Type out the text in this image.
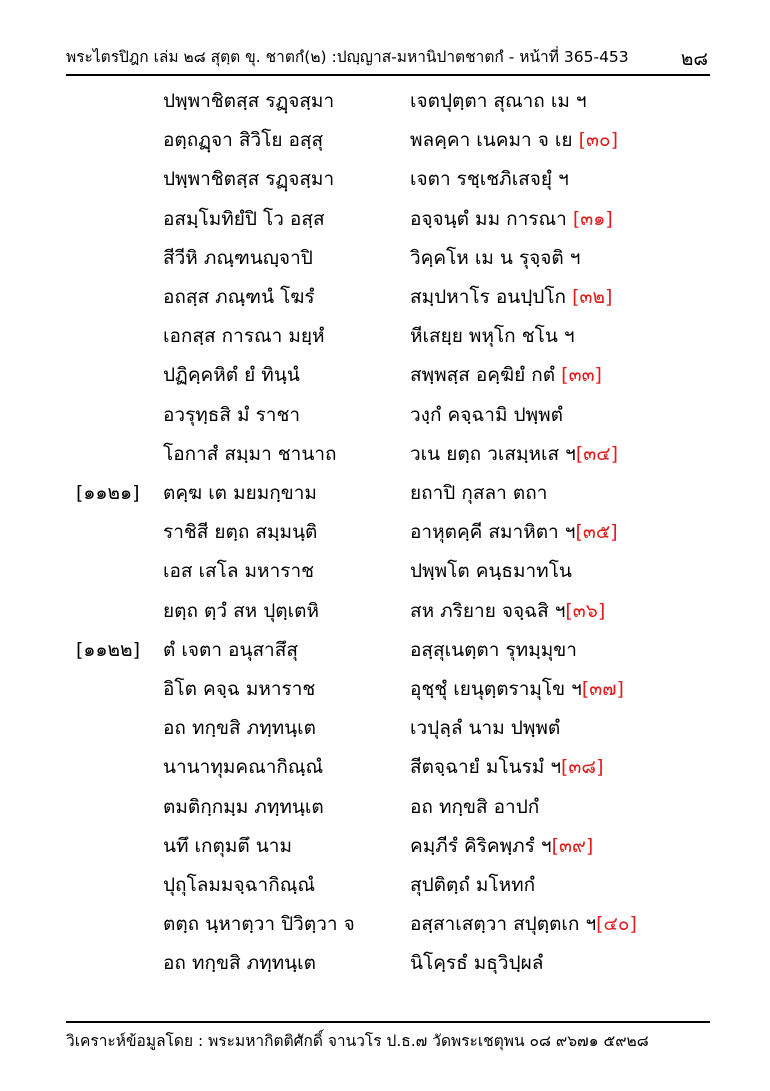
พระไตรปิฎก เล่ม ๒๘ สุตฺต ขุ. ชาตกํ(๒) :ปญฺญาส-มหานิปาตชาตกํ - หน้าที่ 365-453	๒๘
ปพฺพาชิตสฺส รฏฺจสฺมา	เจตปุตฺตา สุณาถ เม ฯ
อตฺถฏฺจา สิวิโย อสฺสุ	พลคฺคา เนคมา จ เย [๓๐]
ปพฺพาชิตสฺส รฏฺจสฺมา	เจตา รชฺเชภิเสจยุํ ฯ
อสมฺโมทิยํปิ โว อสฺส	อจฺจนฺตํ มม การณา [๓๑]
สีวีหิ ภณฺฑนญฺจาปิ	วิคฺคโห เม น รุจฺจติ ฯ
อถสฺส ภณฺฑนํ โฆรํ	สมฺปหาโร อนปฺปโก [๓๒]
เอกสฺส การณา มยฺหํ	หีเสยฺย พหุโก ชโน ฯ
ปฏิคฺคหิตํ ยํ ทินฺนํ	สพฺพสฺส อคฺฆิยํ กตํ [๓๓]
อวรุทฺธสิ มํ ราชา	วงฺกํ คจฺฉามิ ปพฺพตํ
โอกาสํ สมฺมา ชานาถ	วเน ยตฺถ วเสมฺหเส ฯ[๓๔]
[๑๑๒๑] ตคฺฆ เต มยมกฺขาม	ยถาปิ กุสลา ตถา
ราชิสี ยตฺถ สมฺมนฺติ	อาหุตคฺคี สมาหิตา ฯ[๓๕]
เอส เสโล มหาราช	ปพฺพโต คนฺธมาทโน
ยตฺถ ตฺวํ สห ปุตฺเตหิ	สห ภริยาย จจฺฉสิ ฯ[๓๖]
[๑๑๒๒] ตํ เจตา อนุสาสึสุ	อสฺสุเนตฺตา รุทมฺมุขา
อิโต คจฺฉ มหาราช	อุชฺชุํ เยนุตฺตรามุโข ฯ[๓๗]
อถ ทกฺขสิ ภทฺทนฺเต	เวปุลฺลํ นาม ปพฺพตํ
นานาทุมคณากิณฺณํ	สีตจฺฉายํ มโนรมํ ฯ[๓๘]
ตมติกฺกมฺม ภทฺทนฺเต	อถ ทกฺขสิ อาปกํ
นทึ เกตุมตึ นาม	คมฺภีรํ คิริคพฺภรํ ฯ[๓๙]
ปุถุโลมมจฺฉากิณฺณํ	สุปติตฺถํ มโหทกํ
ตตฺถ นฺหาตฺวา ปิวิตฺวา จ	อสฺสาเสตฺวา สปุตฺตเก ฯ[๔๐]
อถ ทกฺขสิ ภทฺทนฺเต	นิโคฺรธํ มธุวิปฺผลํ
วิเคราะห์ข้อมูลโดย : พระมหากิตติศักดิ์ จานวโร ป.ธ.๗ วัดพระเชตุพน ๐๘ ๙๖๗๑ ๕๙๒๘
